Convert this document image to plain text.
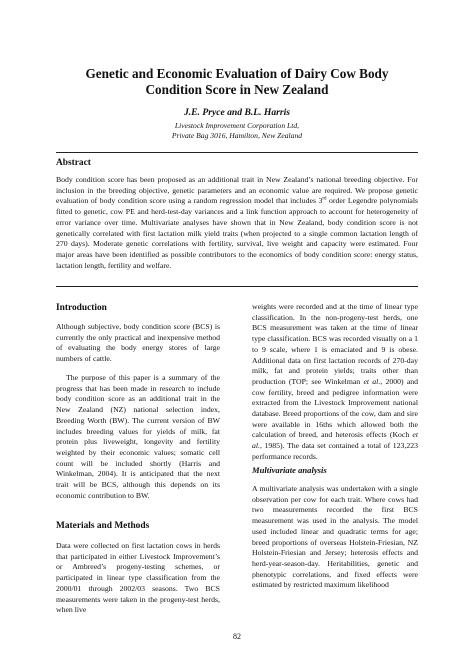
Genetic and Economic Evaluation of Dairy Cow Body
Condition Score in New Zealand
J.E. Pryce and B.L. Harris
Livestock Improvement Corporation Ltd,
Private Bag 3016, Hamilton, New Zealand
Abstract

Body condition score has been proposed as an additional trait in New Zealand’s national breeding objective. For inclusion in the breeding objective, genetic parameters and an economic value are required. We propose genetic evaluation of body condition score using a random regression model that includes 3rd order Legendre polynomials fitted to genetic, cow PE and herd-test-day variances and a link function approach to account for heterogeneity of error variance over time. Multivariate analyses have shown that in New Zealand, body condition score is not genetically correlated with first lactation milk yield traits (when projected to a single common lactation length of 270 days). Moderate genetic correlations with fertility, survival, live weight and capacity were estimated. Four major areas have been identified as possible contributors to the economics of body condition score: energy status, lactation length, fertility and welfare.

Introduction

Although subjective, body condition score (BCS) is currently the only practical and inexpensive method of evaluating the body energy stores of large numbers of cattle.

The purpose of this paper is a summary of the progress that has been made in research to include body condition score as an additional trait in the New Zealand (NZ) national selection index, Breeding Worth (BW). The current version of BW includes breeding values for yields of milk, fat protein plus liveweight, longevity and fertility weighted by their economic values; somatic cell count will be included shortly (Harris and Winkelman, 2004). It is anticipated that the next trait will be BCS, although this depends on its economic contribution to BW.

Materials and Methods

Data were collected on first lactation cows in herds that participated in either Livestock Improvement’s or Ambreed’s progeny-testing schemes, or participated in linear type classification from the 2000/01 through 2002/03 seasons. Two BCS measurements were taken in the progeny-test herds, when live

weights were recorded and at the time of linear type classification. In the non-progeny-test herds, one BCS measurement was taken at the time of linear type classification. BCS was recorded visually on a 1 to 9 scale, where 1 is emaciated and 9 is obese. Additional data on first lactation records of 270-day milk, fat and protein yields; traits other than production (TOP; see Winkelman et al., 2000) and cow fertility, breed and pedigree information were extracted from the Livestock Improvement national database. Breed proportions of the cow, dam and sire were available in 16ths which allowed both the calculation of breed, and heterosis effects (Koch et al., 1985). The data set contained a total of 123,223 performance records.

Multivariate analysis

A multivariate analysis was undertaken with a single observation per cow for each trait. Where cows had two measurements recorded the first BCS measurement was used in the analysis. The model used included linear and quadratic terms for age; breed proportions of overseas Holstein-Friesian, NZ Holstein-Friesian and Jersey; heterosis effects and herd-year-season-day. Heritabilities, genetic and phenotypic correlations, and fixed effects were estimated by restricted maximum likelihood

82
